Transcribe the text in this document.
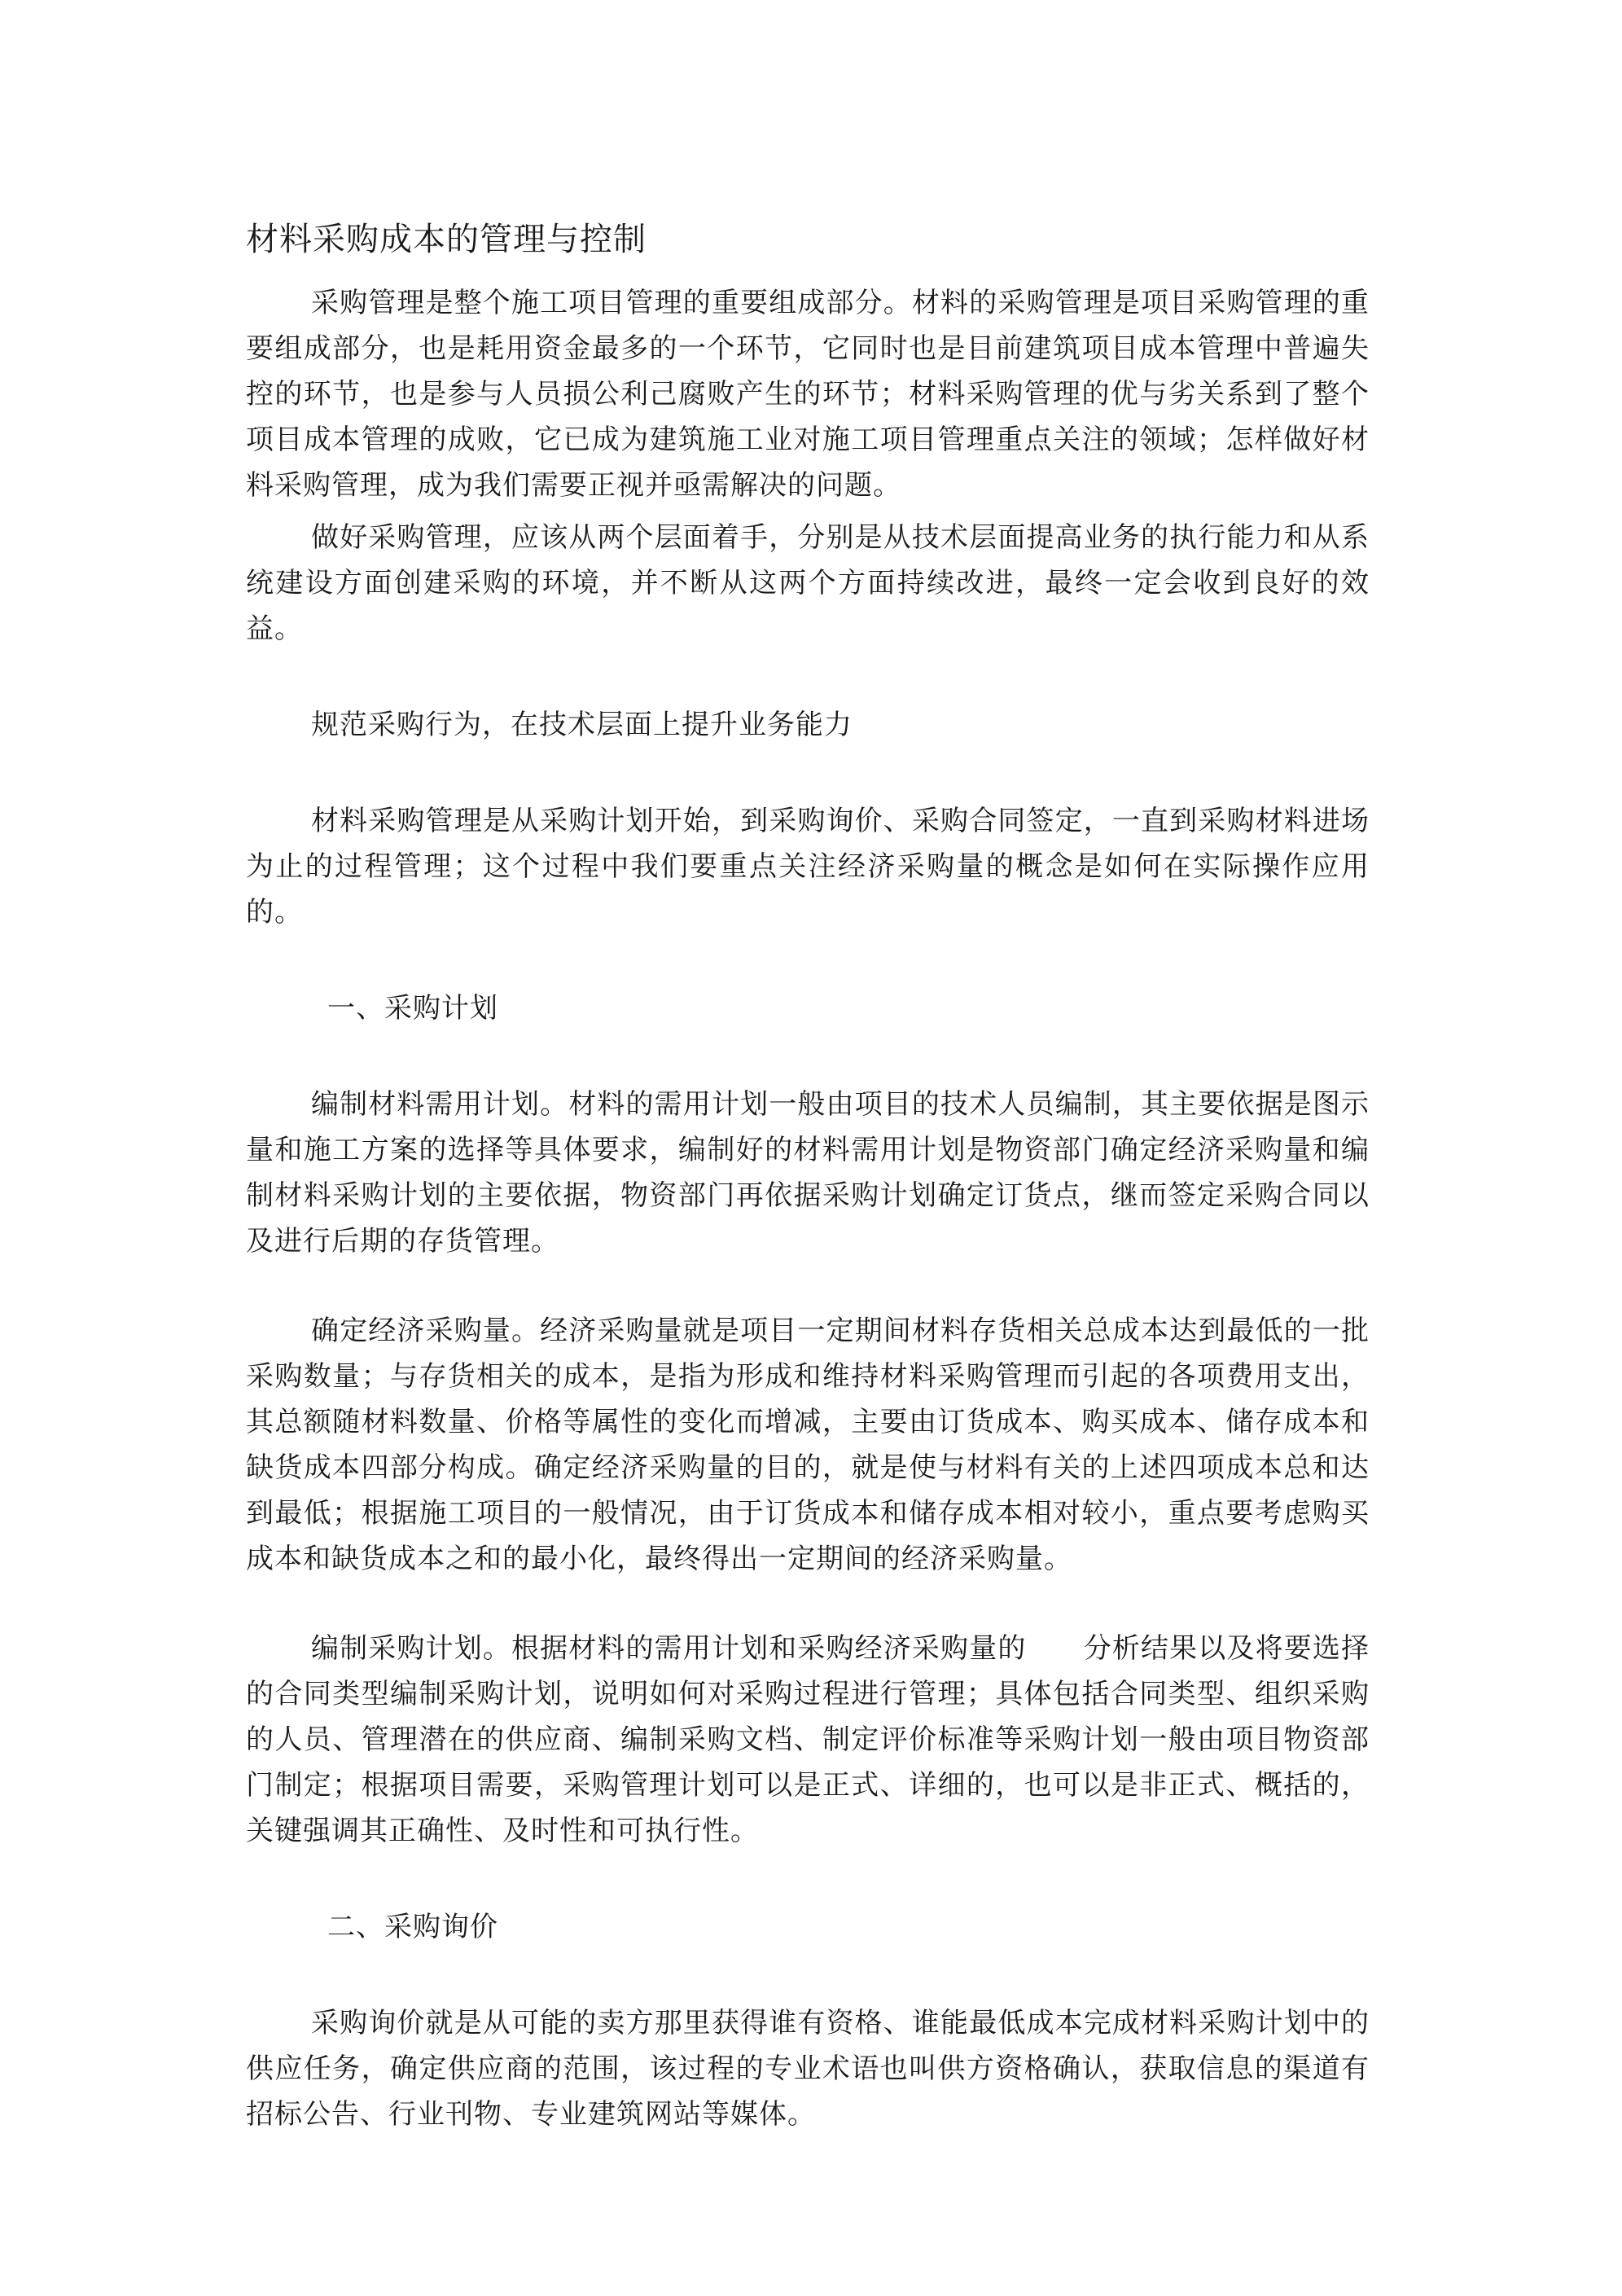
材料采购成本的管理与控制

采购管理是整个施工项目管理的重要组成部分。材料的采购管理是项目采购管理的重要组成部分，也是耗用资金最多的一个环节，它同时也是目前建筑项目成本管理中普遍失控的环节，也是参与人员损公利己腐败产生的环节；材料采购管理的优与劣关系到了整个项目成本管理的成败，它已成为建筑施工业对施工项目管理重点关注的领域；怎样做好材料采购管理，成为我们需要正视并亟需解决的问题。

做好采购管理，应该从两个层面着手，分别是从技术层面提高业务的执行能力和从系统建设方面创建采购的环境，并不断从这两个方面持续改进，最终一定会收到良好的效益。

规范采购行为，在技术层面上提升业务能力

材料采购管理是从采购计划开始，到采购询价、采购合同签定，一直到采购材料进场为止的过程管理；这个过程中我们要重点关注经济采购量的概念是如何在实际操作应用的。

一、采购计划

编制材料需用计划。材料的需用计划一般由项目的技术人员编制，其主要依据是图示量和施工方案的选择等具体要求，编制好的材料需用计划是物资部门确定经济采购量和编制材料采购计划的主要依据，物资部门再依据采购计划确定订货点，继而签定采购合同以及进行后期的存货管理。

确定经济采购量。经济采购量就是项目一定期间材料存货相关总成本达到最低的一批采购数量；与存货相关的成本，是指为形成和维持材料采购管理而引起的各项费用支出，其总额随材料数量、价格等属性的变化而增减，主要由订货成本、购买成本、储存成本和缺货成本四部分构成。确定经济采购量的目的，就是使与材料有关的上述四项成本总和达到最低；根据施工项目的一般情况，由于订货成本和储存成本相对较小，重点要考虑购买成本和缺货成本之和的最小化，最终得出一定期间的经济采购量。

编制采购计划。根据材料的需用计划和采购经济采购量的　　分析结果以及将要选择的合同类型编制采购计划，说明如何对采购过程进行管理；具体包括合同类型、组织采购的人员、管理潜在的供应商、编制采购文档、制定评价标准等采购计划一般由项目物资部门制定；根据项目需要，采购管理计划可以是正式、详细的，也可以是非正式、概括的，关键强调其正确性、及时性和可执行性。

二、采购询价

采购询价就是从可能的卖方那里获得谁有资格、谁能最低成本完成材料采购计划中的供应任务，确定供应商的范围，该过程的专业术语也叫供方资格确认，获取信息的渠道有招标公告、行业刊物、专业建筑网站等媒体。
